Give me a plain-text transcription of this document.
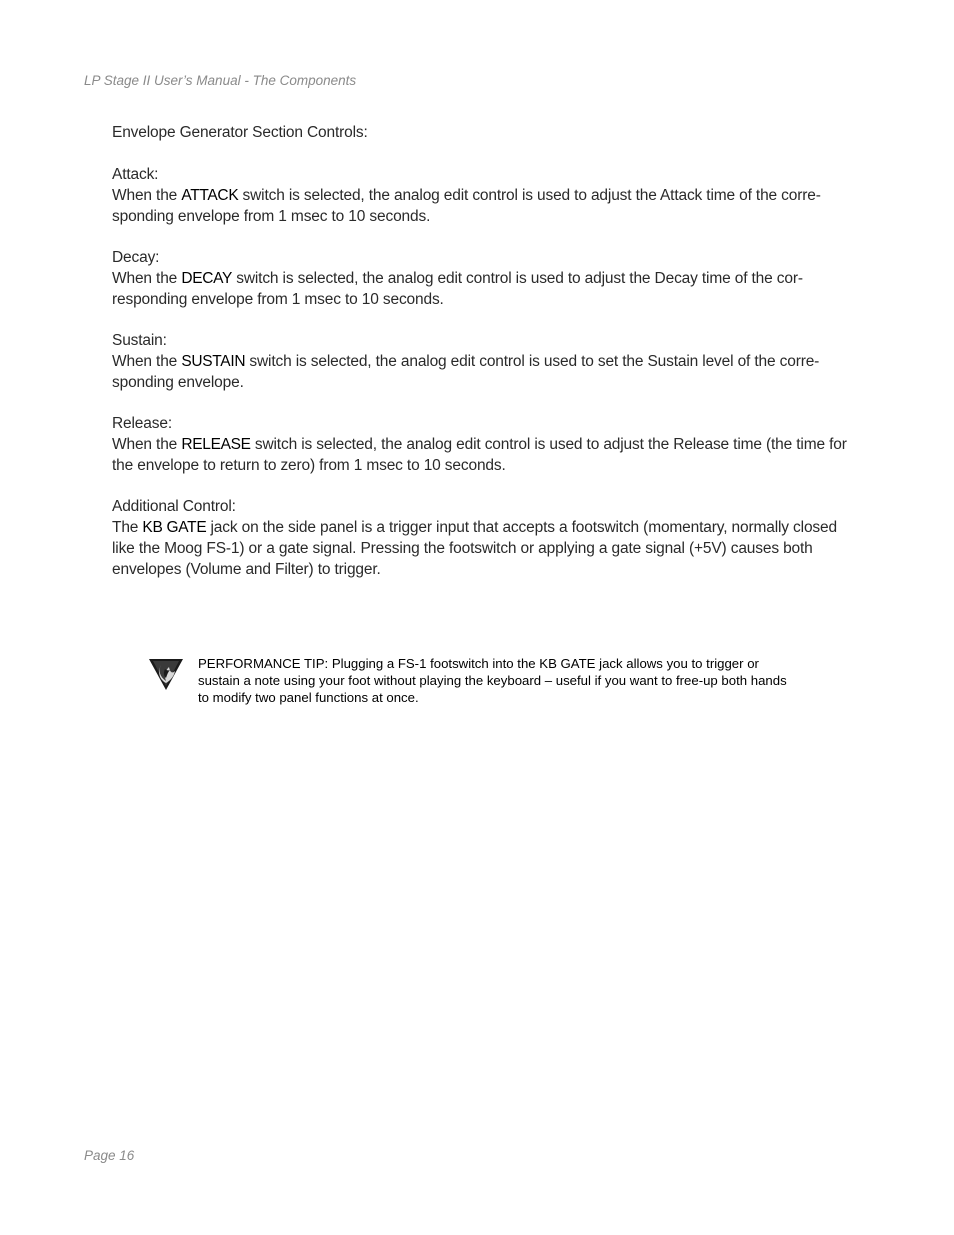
LP Stage II User’s Manual - The Components

Envelope Generator Section Controls:

Attack:

When the ATTACK switch is selected, the analog edit control is used to adjust the Attack time of the corre-sponding envelope from 1 msec to 10 seconds.

Decay:

When the DECAY switch is selected, the analog edit control is used to adjust the Decay time of the cor-responding envelope from 1 msec to 10 seconds.

Sustain:

When the SUSTAIN switch is selected, the analog edit control is used to set the Sustain level of the corre-sponding envelope.

Release:

When the RELEASE switch is selected, the analog edit control is used to adjust the Release time (the time for the envelope to return to zero) from 1 msec to 10 seconds.

Additional Control:

The KB GATE jack on the side panel is a trigger input that accepts a footswitch (momentary, normally closed like the Moog FS-1) or a gate signal. Pressing the footswitch or applying a gate signal (+5V) causes both envelopes (Volume and Filter) to trigger.

PERFORMANCE TIP: Plugging a FS-1 footswitch into the KB GATE jack allows you to trigger or sustain a note using your foot without playing the keyboard – useful if you want to free-up both hands to modify two panel functions at once.
Page 16
